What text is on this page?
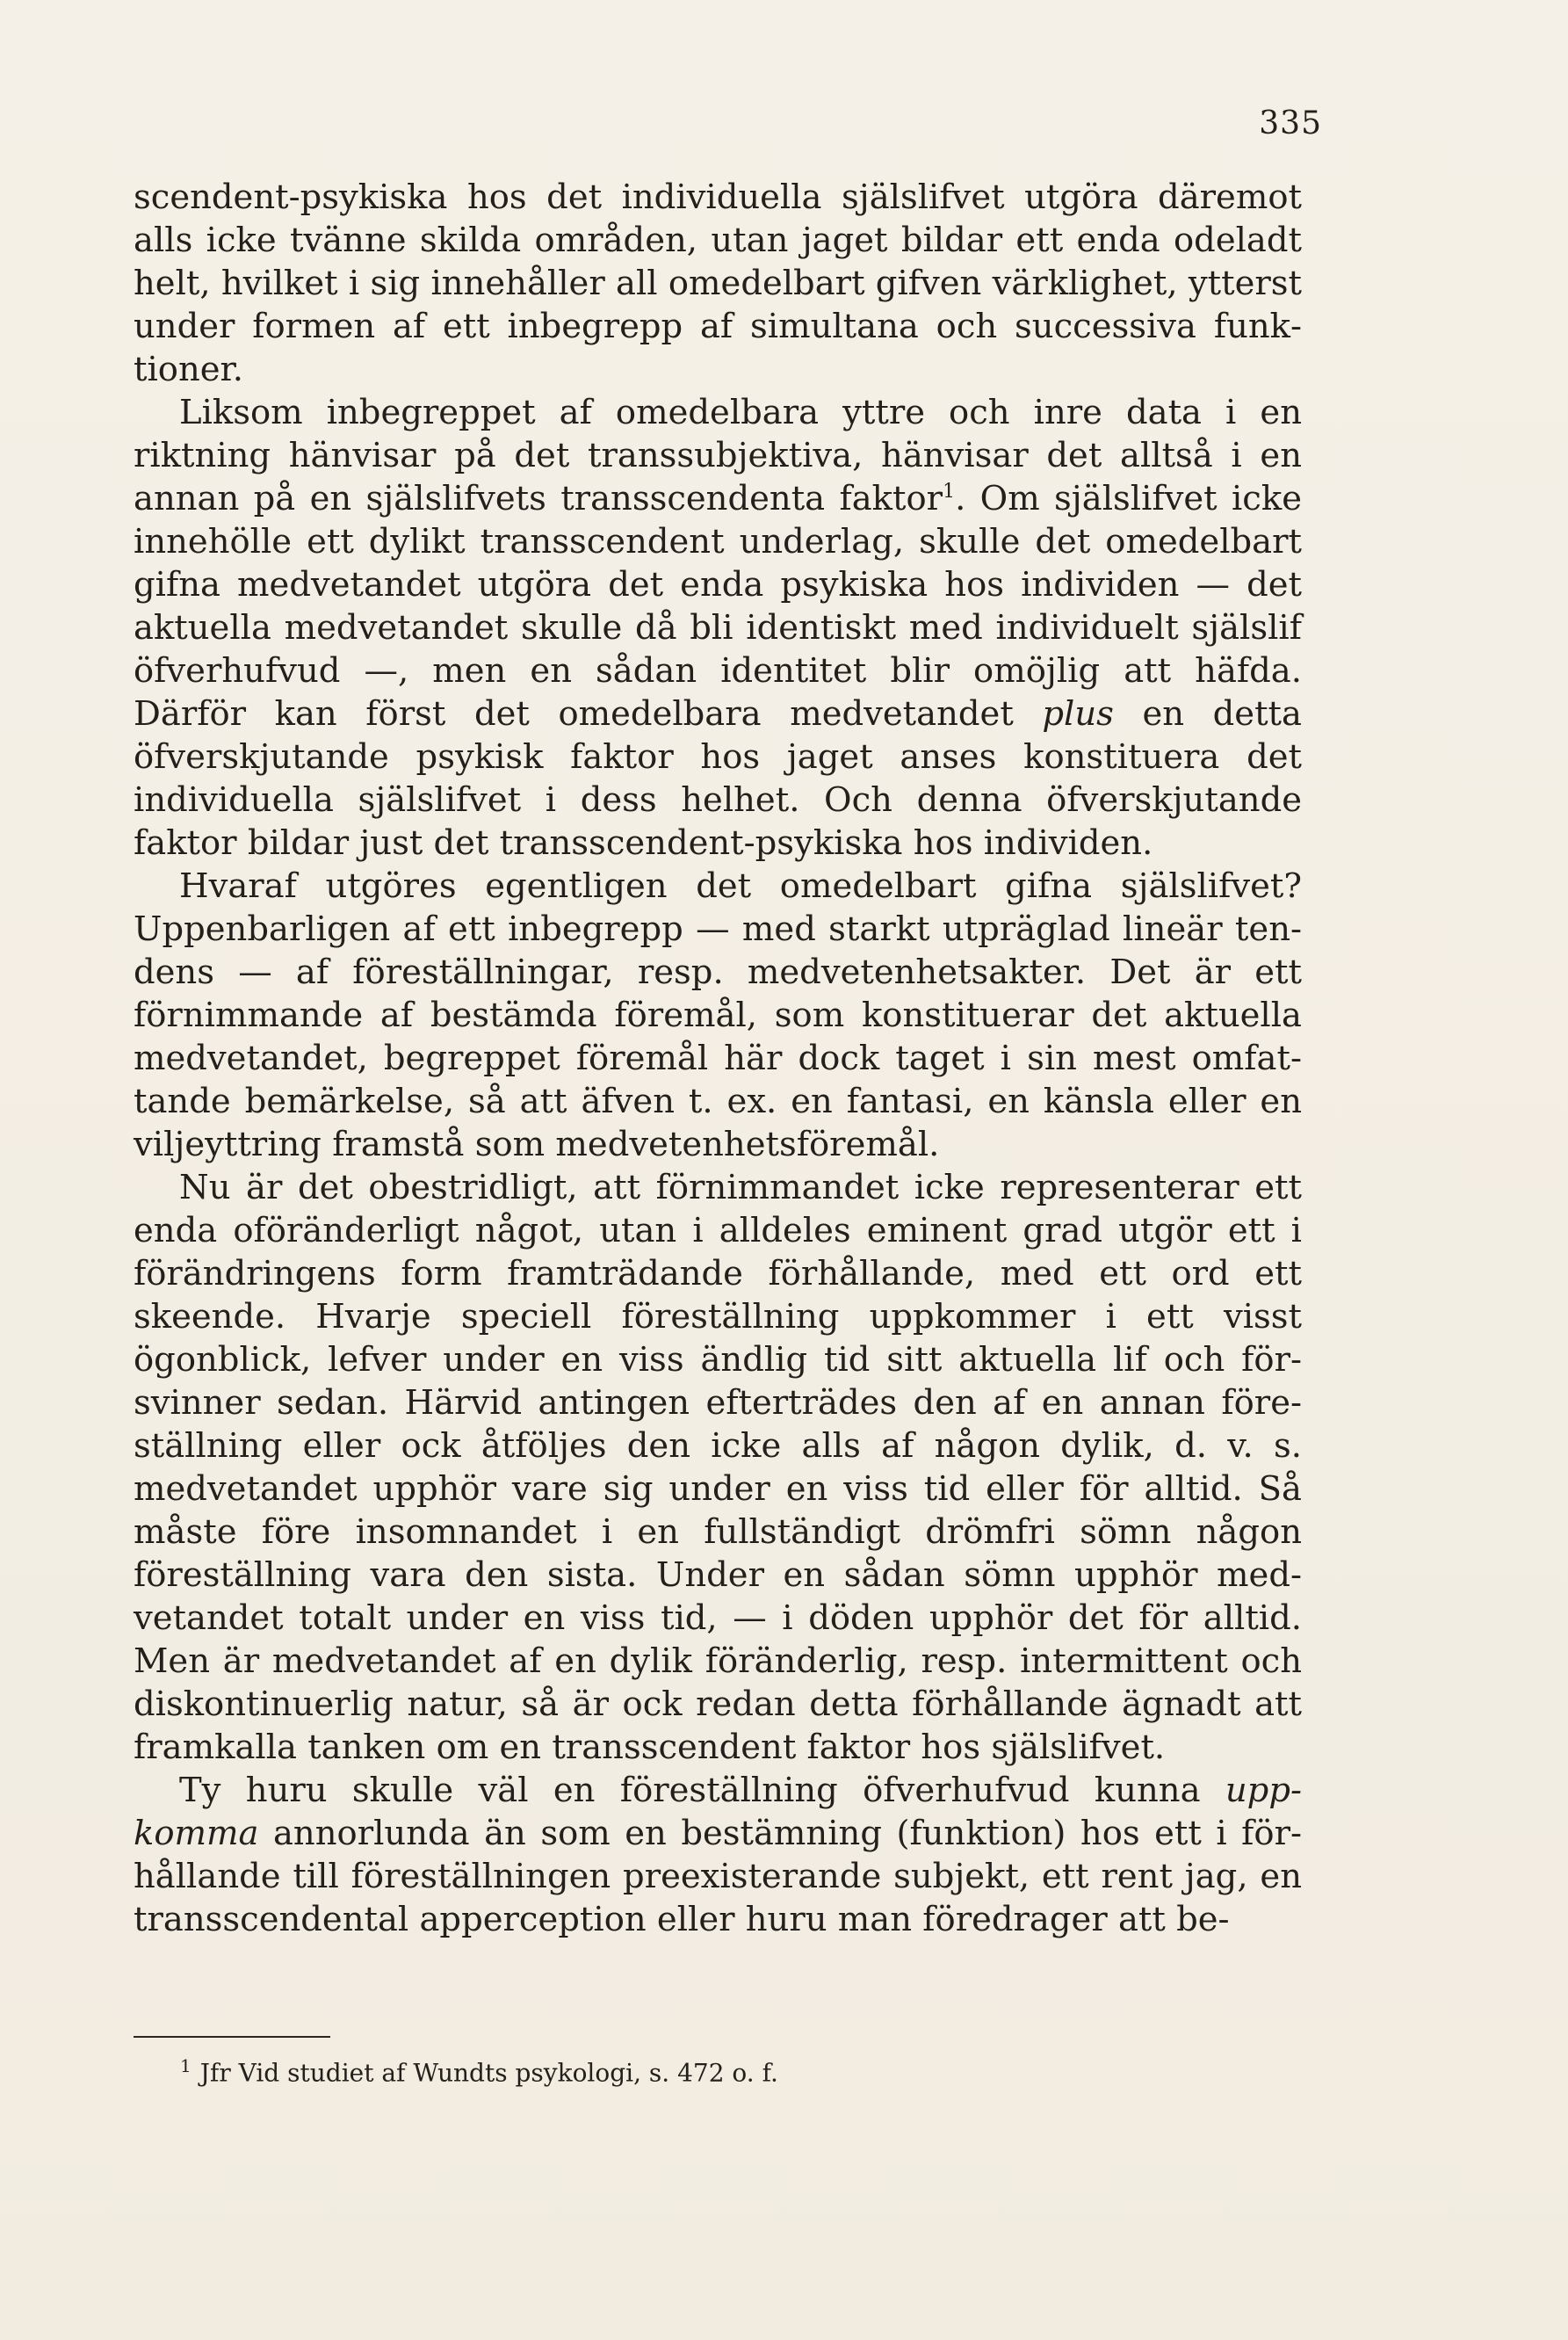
335

scendent-psykiska hos det individuella själslifvet utgöra däremot alls icke tvänne skilda områden, utan jaget bildar ett enda odeladt helt, hvilket i sig innehåller all omedelbart gifven värklighet, ytterst under formen af ett inbegrepp af simultana och successiva funktioner.

Liksom inbegreppet af omedelbara yttre och inre data i en riktning hänvisar på det transsubjektiva, hänvisar det alltså i en annan på en själslifvets transscendenta faktor$^1$. Om själslifvet icke innehölle ett dylikt transscendent underlag, skulle det omedelbart gifna medvetandet utgöra det enda psykiska hos individen — det aktuella medvetandet skulle då bli identiskt med individuelt själslif öfverhufvud —, men en sådan identitet blir omöjlig att häfda. Därför kan först det omedelbara medvetandet plus en detta öfverskjutande psykisk faktor hos jaget anses konstituera det individuella själslifvet i dess helhet. Och denna öfverskjutande faktor bildar just det transscendent-psykiska hos individen.

Hvaraf utgöres egentligen det omedelbart gifna själslifvet? Uppenbarligen af ett inbegrepp — med starkt utpräglad lineär tendens — af föreställningar, resp. medvetenhetsakter. Det är ett förnimmande af bestämda föremål, som konstituerar det aktuella medvetandet, begreppet föremål här dock taget i sin mest omfattande bemärkelse, så att äfven t. ex. en fantasi, en känsla eller en viljeyttring framstå som medvetenhetsföremål.

Nu är det obestridligt, att förnimmandet icke representerar ett enda oföränderligt något, utan i alldeles eminent grad utgör ett i förändringens form framträdande förhållande, med ett ord ett skeende. Hvarje speciell föreställning uppkommer i ett visst ögonblick, lefver under en viss ändlig tid sitt aktuella lif och försvinner sedan. Härvid antingen efterträdes den af en annan föreställning eller ock åtföljes den icke alls af någon dylik, d. v. s. medvetandet upphör vare sig under en viss tid eller för alltid. Så måste före insomnandet i en fullständigt drömfri sömn någon föreställning vara den sista. Under en sådan sömn upphör medvetandet totalt under en viss tid, — i döden upphör det för alltid. Men är medvetandet af en dylik föränderlig, resp. intermittent och diskontinuerlig natur, så är ock redan detta förhållande ägnadt att framkalla tanken om en transscendent faktor hos själslifvet.

Ty huru skulle väl en föreställning öfverhufvud kunna uppkomma annorlunda än som en bestämning (funktion) hos ett i förhållande till föreställningen preexisterande subjekt, ett rent jag, en transscendental apperception eller huru man föredrager att be-

$^1$ Jfr Vid studiet af Wundts psykologi, s. 472 o. f.
